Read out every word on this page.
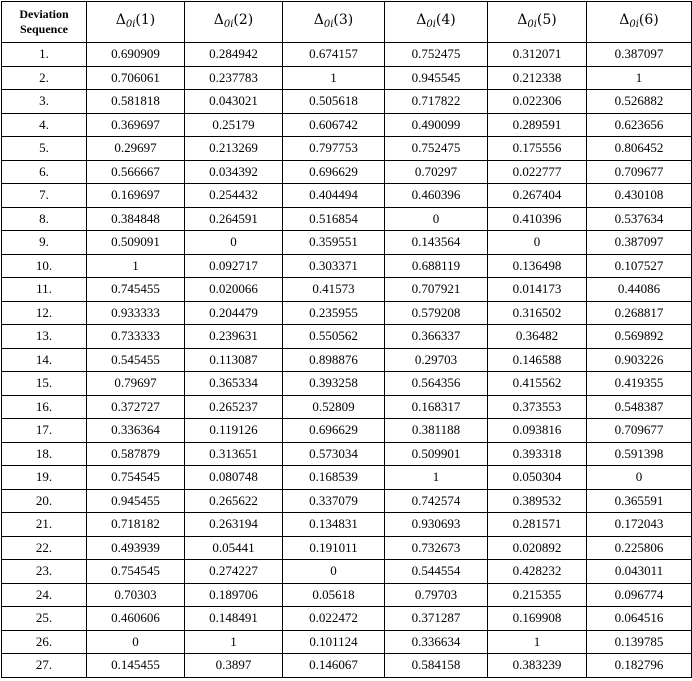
Deviation
Sequence	$\Delta_{0i}(1)$	$\Delta_{0i}(2)$	$\Delta_{0i}(3)$	$\Delta_{0i}(4)$	$\Delta_{0i}(5)$	$\Delta_{0i}(6)$
1.	0.690909	0.284942	0.674157	0.752475	0.312071	0.387097
2.	0.706061	0.237783	1	0.945545	0.212338	1
3.	0.581818	0.043021	0.505618	0.717822	0.022306	0.526882
4.	0.369697	0.25179	0.606742	0.490099	0.289591	0.623656
5.	0.29697	0.213269	0.797753	0.752475	0.175556	0.806452
6.	0.566667	0.034392	0.696629	0.70297	0.022777	0.709677
7.	0.169697	0.254432	0.404494	0.460396	0.267404	0.430108
8.	0.384848	0.264591	0.516854	0	0.410396	0.537634
9.	0.509091	0	0.359551	0.143564	0	0.387097
10.	1	0.092717	0.303371	0.688119	0.136498	0.107527
11.	0.745455	0.020066	0.41573	0.707921	0.014173	0.44086
12.	0.933333	0.204479	0.235955	0.579208	0.316502	0.268817
13.	0.733333	0.239631	0.550562	0.366337	0.36482	0.569892
14.	0.545455	0.113087	0.898876	0.29703	0.146588	0.903226
15.	0.79697	0.365334	0.393258	0.564356	0.415562	0.419355
16.	0.372727	0.265237	0.52809	0.168317	0.373553	0.548387
17.	0.336364	0.119126	0.696629	0.381188	0.093816	0.709677
18.	0.587879	0.313651	0.573034	0.509901	0.393318	0.591398
19.	0.754545	0.080748	0.168539	1	0.050304	0
20.	0.945455	0.265622	0.337079	0.742574	0.389532	0.365591
21.	0.718182	0.263194	0.134831	0.930693	0.281571	0.172043
22.	0.493939	0.05441	0.191011	0.732673	0.020892	0.225806
23.	0.754545	0.274227	0	0.544554	0.428232	0.043011
24.	0.70303	0.189706	0.05618	0.79703	0.215355	0.096774
25.	0.460606	0.148491	0.022472	0.371287	0.169908	0.064516
26.	0	1	0.101124	0.336634	1	0.139785
27.	0.145455	0.3897	0.146067	0.584158	0.383239	0.182796
